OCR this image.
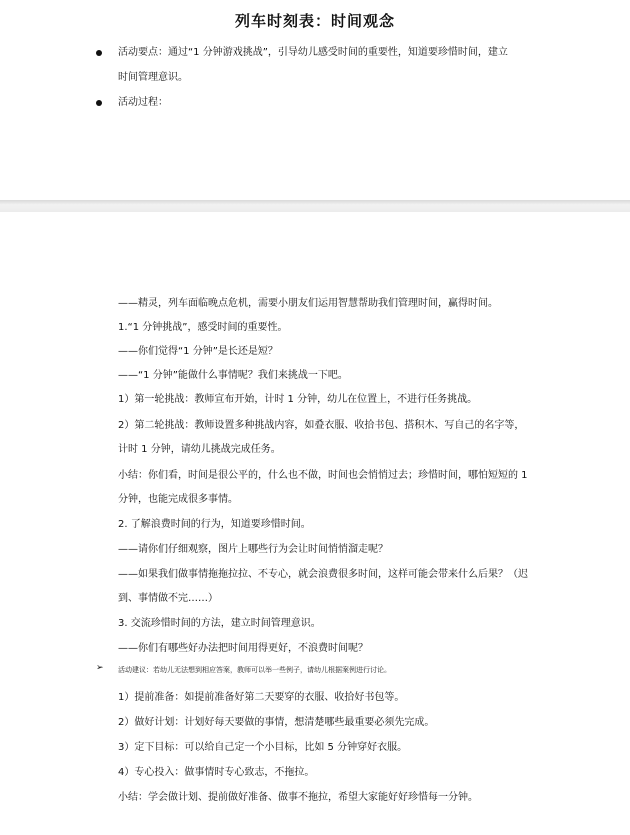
列车时刻表：时间观念
活动要点：通过“1 分钟游戏挑战”，引导幼儿感受时间的重要性，知道要珍惜时间，建立
时间管理意识。
活动过程：
——精灵，列车面临晚点危机，需要小朋友们运用智慧帮助我们管理时间，赢得时间。
1.“1 分钟挑战”，感受时间的重要性。
——你们觉得“1 分钟”是长还是短？
——“1 分钟”能做什么事情呢？我们来挑战一下吧。
1）第一轮挑战：教师宣布开始，计时 1 分钟，幼儿在位置上，不进行任务挑战。
2）第二轮挑战：教师设置多种挑战内容，如叠衣服、收拾书包、搭积木、写自己的名字等，
计时 1 分钟，请幼儿挑战完成任务。
小结：你们看，时间是很公平的，什么也不做，时间也会悄悄过去；珍惜时间，哪怕短短的 1
分钟，也能完成很多事情。
2. 了解浪费时间的行为，知道要珍惜时间。
——请你们仔细观察，图片上哪些行为会让时间悄悄溜走呢？
——如果我们做事情拖拖拉拉、不专心，就会浪费很多时间，这样可能会带来什么后果？（迟
到、事情做不完……）
3. 交流珍惜时间的方法，建立时间管理意识。
——你们有哪些好办法把时间用得更好，不浪费时间呢？
➢ 活动建议：若幼儿无法想到相应答案，教师可以举一些例子，请幼儿根据案例进行讨论。
1）提前准备：如提前准备好第二天要穿的衣服、收拾好书包等。
2）做好计划：计划好每天要做的事情，想清楚哪些最重要必须先完成。
3）定下目标：可以给自己定一个小目标，比如 5 分钟穿好衣服。
4）专心投入：做事情时专心致志，不拖拉。
小结：学会做计划、提前做好准备、做事不拖拉，希望大家能好好珍惜每一分钟。
